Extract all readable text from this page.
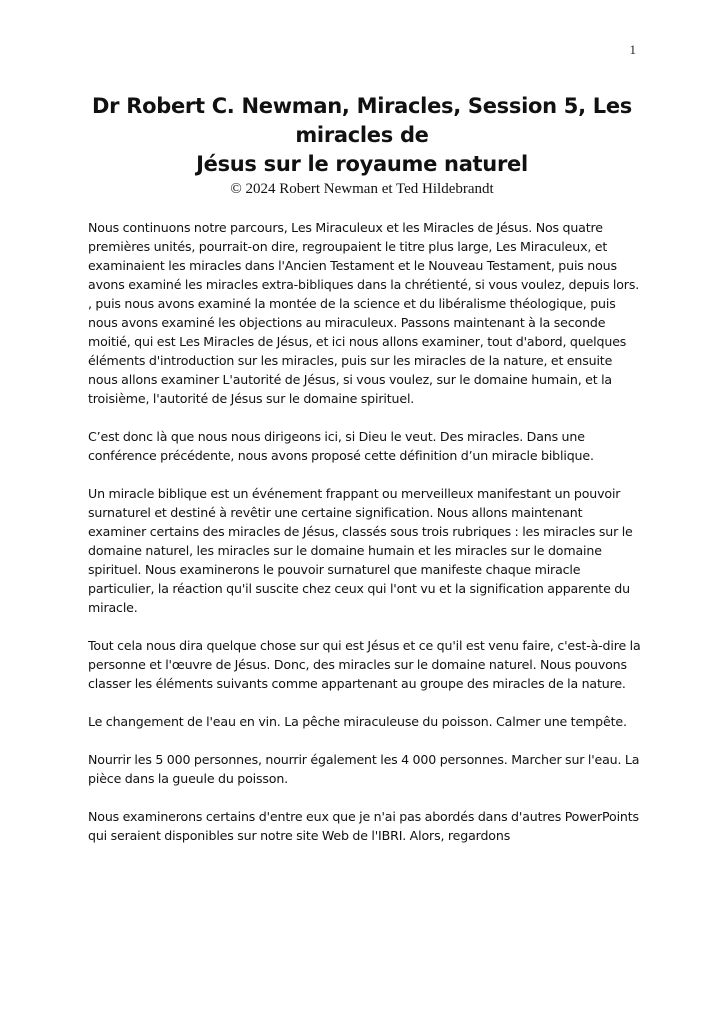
1
Dr Robert C. Newman, Miracles, Session 5, Les
miracles de
Jésus sur le royaume naturel
© 2024 Robert Newman et Ted Hildebrandt

Nous continuons notre parcours, Les Miraculeux et les Miracles de Jésus. Nos quatre premières unités, pourrait-on dire, regroupaient le titre plus large, Les Miraculeux, et examinaient les miracles dans l'Ancien Testament et le Nouveau Testament, puis nous avons examiné les miracles extra-bibliques dans la chrétienté, si vous voulez, depuis lors. , puis nous avons examiné la montée de la science et du libéralisme théologique, puis nous avons examiné les objections au miraculeux. Passons maintenant à la seconde moitié, qui est Les Miracles de Jésus, et ici nous allons examiner, tout d'abord, quelques éléments d'introduction sur les miracles, puis sur les miracles de la nature, et ensuite nous allons examiner L'autorité de Jésus, si vous voulez, sur le domaine humain, et la troisième, l'autorité de Jésus sur le domaine spirituel.

C’est donc là que nous nous dirigeons ici, si Dieu le veut. Des miracles. Dans une conférence précédente, nous avons proposé cette définition d’un miracle biblique.

Un miracle biblique est un événement frappant ou merveilleux manifestant un pouvoir surnaturel et destiné à revêtir une certaine signification. Nous allons maintenant examiner certains des miracles de Jésus, classés sous trois rubriques : les miracles sur le domaine naturel, les miracles sur le domaine humain et les miracles sur le domaine spirituel. Nous examinerons le pouvoir surnaturel que manifeste chaque miracle particulier, la réaction qu'il suscite chez ceux qui l'ont vu et la signification apparente du miracle.

Tout cela nous dira quelque chose sur qui est Jésus et ce qu'il est venu faire, c'est-à-dire la personne et l'œuvre de Jésus. Donc, des miracles sur le domaine naturel. Nous pouvons classer les éléments suivants comme appartenant au groupe des miracles de la nature.

Le changement de l'eau en vin. La pêche miraculeuse du poisson. Calmer une tempête.

Nourrir les 5 000 personnes, nourrir également les 4 000 personnes. Marcher sur l'eau. La pièce dans la gueule du poisson.

Nous examinerons certains d'entre eux que je n'ai pas abordés dans d'autres PowerPoints qui seraient disponibles sur notre site Web de l'IBRI. Alors, regardons
